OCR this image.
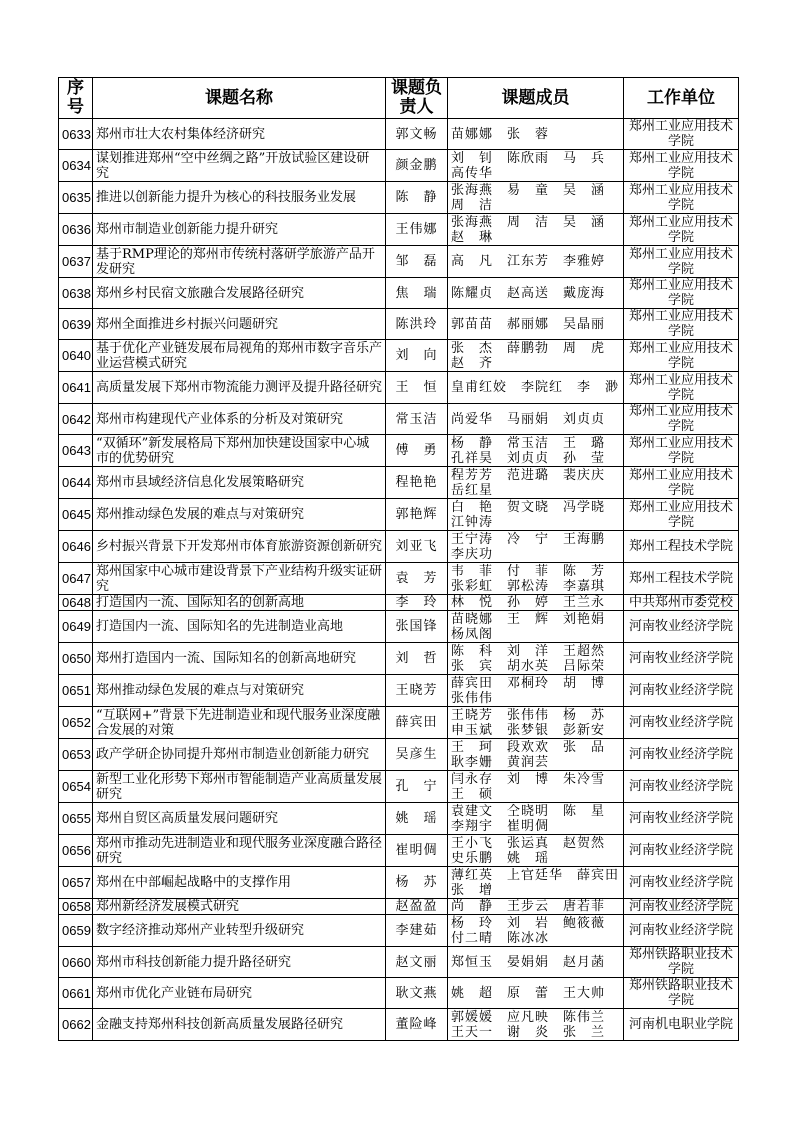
序号	课题名称	课题负责人	课题成员	工作单位
0633	郑州市壮大农村集体经济研究	郭文畅	苗娜娜　张　蓉	郑州工业应用技术学院
0634	谋划推进郑州“空中丝绸之路”开放试验区建设研究	颜金鹏	刘　钊　陈欣雨　马　兵　高传华	郑州工业应用技术学院
0635	推进以创新能力提升为核心的科技服务业发展	陈　静	张海燕　易　童　吴　涵　周　洁	郑州工业应用技术学院
0636	郑州市制造业创新能力提升研究	王伟娜	张海燕　周　洁　吴　涵　赵　琳	郑州工业应用技术学院
0637	基于RMP理论的郑州市传统村落研学旅游产品开发研究	邹　磊	高　凡　江东芳　李雅婷	郑州工业应用技术学院
0638	郑州乡村民宿文旅融合发展路径研究	焦　瑞	陈耀贞　赵高送　戴庞海	郑州工业应用技术学院
0639	郑州全面推进乡村振兴问题研究	陈洪玲	郭苗苗　郝丽娜　吴晶丽	郑州工业应用技术学院
0640	基于优化产业链发展布局视角的郑州市数字音乐产业运营模式研究	刘　向	张　杰　薛鹏勃　周　虎　赵　齐	郑州工业应用技术学院
0641	高质量发展下郑州市物流能力测评及提升路径研究	王　恒	皇甫红姣　李院红　李　渺	郑州工业应用技术学院
0642	郑州市构建现代产业体系的分析及对策研究	常玉洁	尚爱华　马丽娟　刘贞贞	郑州工业应用技术学院
0643	“双循环”新发展格局下郑州加快建设国家中心城市的优势研究	傅　勇	杨　静　常玉洁　王　璐　孔祥昊　刘贞贞　孙　莹	郑州工业应用技术学院
0644	郑州市县域经济信息化发展策略研究	程艳艳	程芳芳　范进璐　裴庆庆　岳红星	郑州工业应用技术学院
0645	郑州推动绿色发展的难点与对策研究	郭艳辉	白　艳　贺文晓　冯学晓　江钟涛	郑州工业应用技术学院
0646	乡村振兴背景下开发郑州市体育旅游资源创新研究	刘亚飞	王宁涛　冷　宁　王海鹏　李庆功	郑州工程技术学院
0647	郑州国家中心城市建设背景下产业结构升级实证研究	袁　芳	韦　菲　付　菲　陈　芳　张彩虹　郭松涛　李嘉琪	郑州工程技术学院
0648	打造国内一流、国际知名的创新高地	李　玲	林　悦　孙　婷　王兰永	中共郑州市委党校
0649	打造国内一流、国际知名的先进制造业高地	张国锋	苗晓娜　王　辉　刘艳娟　杨凤阁	河南牧业经济学院
0650	郑州打造国内一流、国际知名的创新高地研究	刘　哲	陈　科　刘　洋　王超然　张　宾　胡水英　吕际荣	河南牧业经济学院
0651	郑州推动绿色发展的难点与对策研究	王晓芳	薛宾田　邓桐玲　胡　博　张伟伟	河南牧业经济学院
0652	“互联网+”背景下先进制造业和现代服务业深度融合发展的对策	薛宾田	王晓芳　张伟伟　杨　苏　申玉斌　张梦银　彭新安	河南牧业经济学院
0653	政产学研企协同提升郑州市制造业创新能力研究	吴彦生	王　珂　段欢欢　张　品　耿李姗　黄润芸	河南牧业经济学院
0654	新型工业化形势下郑州市智能制造产业高质量发展研究	孔　宁	闫永存　刘　博　朱冷雪　王　硕	河南牧业经济学院
0655	郑州自贸区高质量发展问题研究	姚　瑶	袁建文　仝晓明　陈　星　李翔宇　崔明倜	河南牧业经济学院
0656	郑州市推动先进制造业和现代服务业深度融合路径研究	崔明倜	王小飞　张运真　赵贺然　史乐鹏　姚　瑶	河南牧业经济学院
0657	郑州在中部崛起战略中的支撑作用	杨　苏	薄红英　上官廷华　薛宾田　张　增	河南牧业经济学院
0658	郑州新经济发展模式研究	赵盈盈	尚　静　王步云　唐若菲	河南牧业经济学院
0659	数字经济推动郑州产业转型升级研究	李建茹	杨　玲　刘　岩　鲍筱薇　付二晴　陈冰冰	河南牧业经济学院
0660	郑州市科技创新能力提升路径研究	赵文丽	郑恒玉　晏娟娟　赵月菡	郑州铁路职业技术学院
0661	郑州市优化产业链布局研究	耿文燕	姚　超　原　蕾　王大帅	郑州铁路职业技术学院
0662	金融支持郑州科技创新高质量发展路径研究	董险峰	郭媛媛　应凡映　陈伟兰　王天一　谢　炎　张　兰	河南机电职业学院
